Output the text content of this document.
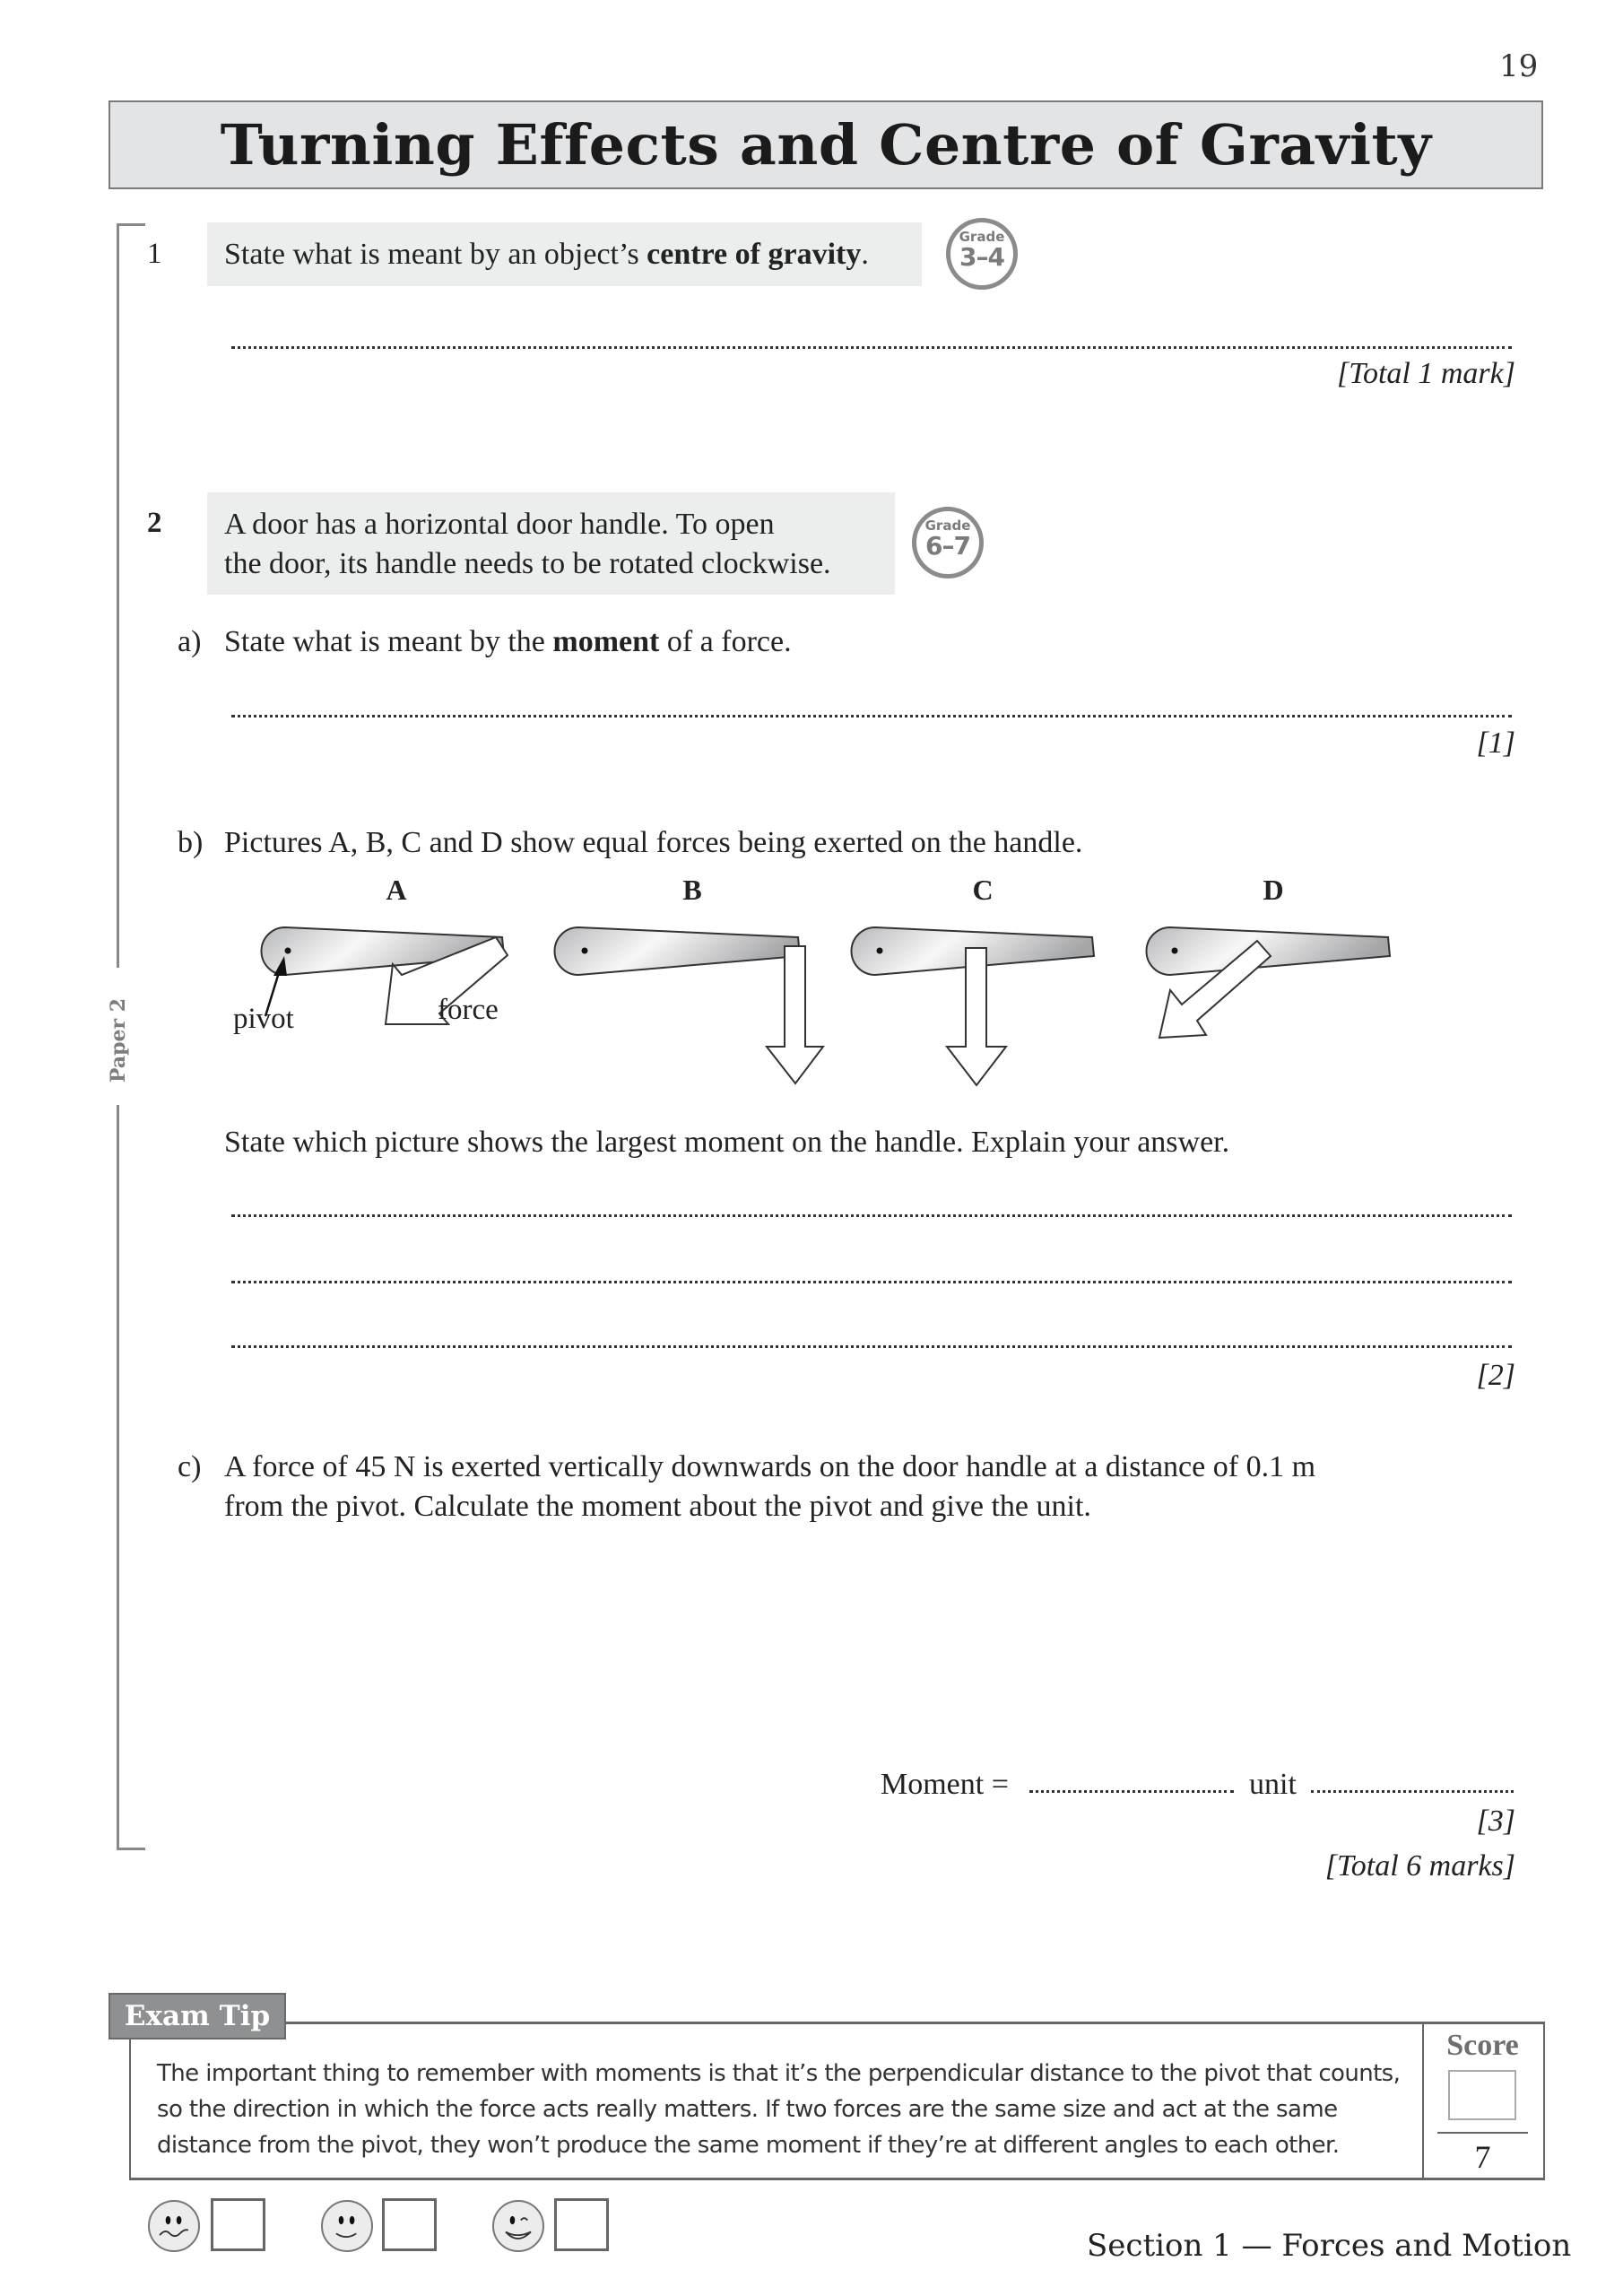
19
Turning Effects and Centre of Gravity
Paper 2
1 State what is meant by an object’s centre of gravity.
Grade
3–4
[Total 1 mark]
2 A door has a horizontal door handle. To open
the door, its handle needs to be rotated clockwise.
Grade
6–7
a) State what is meant by the moment of a force.
[1]
b) Pictures A, B, C and D show equal forces being exerted on the handle.
A	B	C	D
pivot	force
State which picture shows the largest moment on the handle. Explain your answer.
[2]
c) A force of 45 N is exerted vertically downwards on the door handle at a distance of 0.1 m
from the pivot. Calculate the moment about the pivot and give the unit.
Moment =	unit
[3]
[Total 6 marks]
Exam Tip
The important thing to remember with moments is that it’s the perpendicular distance to the pivot that counts,
so the direction in which the force acts really matters. If two forces are the same size and act at the same
distance from the pivot, they won’t produce the same moment if they’re at different angles to each other.
Score
7
Section 1 — Forces and Motion
